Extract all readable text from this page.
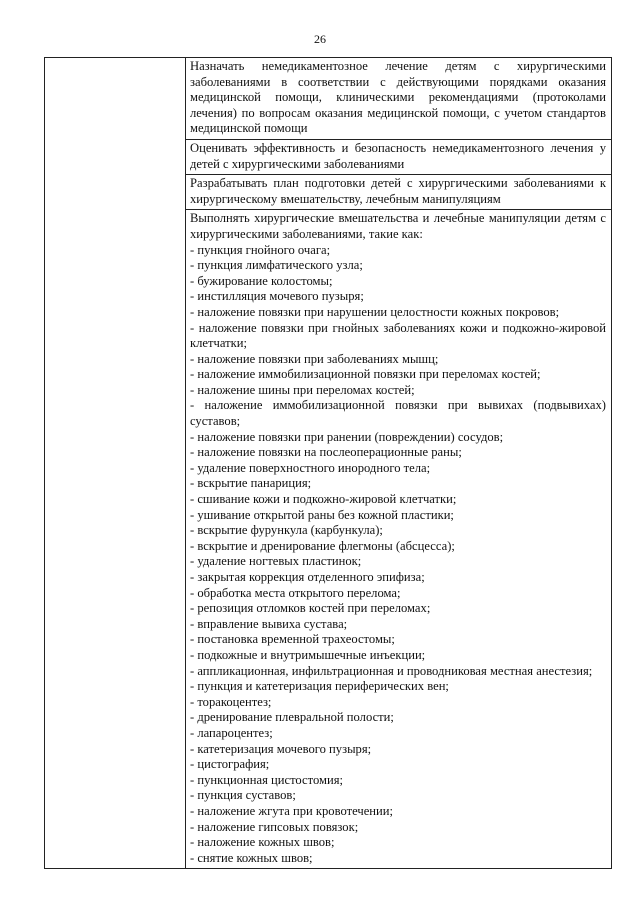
26
Назначать немедикаментозное лечение детям с хирургическими заболеваниями в соответствии с действующими порядками оказания медицинской помощи, клиническими рекомендациями (протоколами лечения) по вопросам оказания медицинской помощи, с учетом стандартов медицинской помощи
Оценивать эффективность и безопасность немедикаментозного лечения у детей с хирургическими заболеваниями
Разрабатывать план подготовки детей с хирургическими заболеваниями к хирургическому вмешательству, лечебным манипуляциям
Выполнять хирургические вмешательства и лечебные манипуляции детям с хирургическими заболеваниями, такие как:
- пункция гнойного очага;
- пункция лимфатического узла;
- бужирование колостомы;
- инстилляция мочевого пузыря;
- наложение повязки при нарушении целостности кожных покровов;
- наложение повязки при гнойных заболеваниях кожи и подкожно-жировой клетчатки;
- наложение повязки при заболеваниях мышц;
- наложение иммобилизационной повязки при переломах костей;
- наложение шины при переломах костей;
- наложение иммобилизационной повязки при вывихах (подвывихах) суставов;
- наложение повязки при ранении (повреждении) сосудов;
- наложение повязки на послеоперационные раны;
- удаление поверхностного инородного тела;
- вскрытие панариция;
- сшивание кожи и подкожно-жировой клетчатки;
- ушивание открытой раны без кожной пластики;
- вскрытие фурункула (карбункула);
- вскрытие и дренирование флегмоны (абсцесса);
- удаление ногтевых пластинок;
- закрытая коррекция отделенного эпифиза;
- обработка места открытого перелома;
- репозиция отломков костей при переломах;
- вправление вывиха сустава;
- постановка временной трахеостомы;
- подкожные и внутримышечные инъекции;
- аппликационная, инфильтрационная и проводниковая местная анестезия;
- пункция и катетеризация периферических вен;
- торакоцентез;
- дренирование плевральной полости;
- лапароцентез;
- катетеризация мочевого пузыря;
- цистография;
- пункционная цистостомия;
- пункция суставов;
- наложение жгута при кровотечении;
- наложение гипсовых повязок;
- наложение кожных швов;
- снятие кожных швов;
